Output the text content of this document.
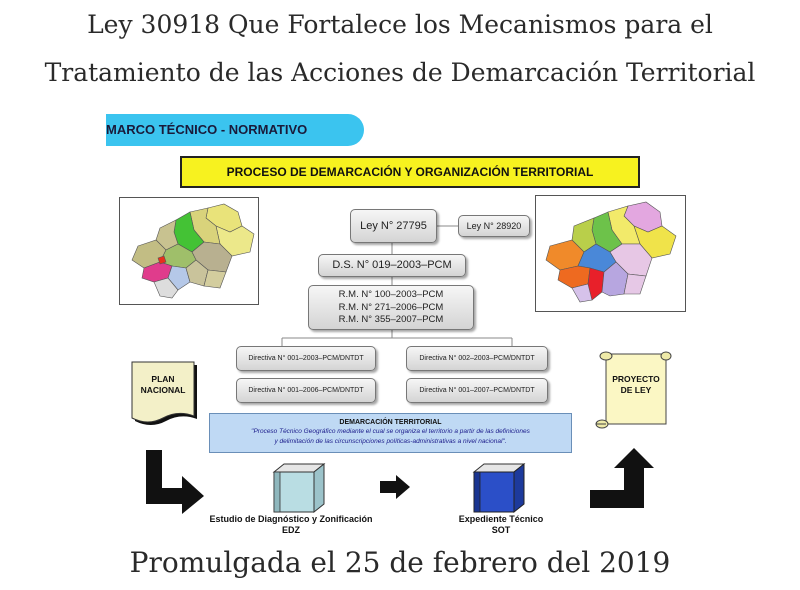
Ley 30918 Que Fortalece los Mecanismos para el
Tratamiento de las Acciones de Demarcación Territorial
MARCO TÉCNICO - NORMATIVO
PROCESO DE DEMARCACIÓN Y ORGANIZACIÓN TERRITORIAL
Ley N° 27795	Ley N° 28920
D.S. N° 019–2003–PCM
R.M. N° 100–2003–PCM
R.M. N° 271–2006–PCM
R.M. N° 355–2007–PCM
Directiva N° 001–2003–PCM/DNTDT	Directiva N° 002–2003–PCM/DNTDT
Directiva N° 001–2006–PCM/DNTDT	Directiva N° 001–2007–PCM/DNTDT
PLAN NACIONAL
PROYECTO DE LEY
DEMARCACIÓN TERRITORIAL
"Proceso Técnico Geográfico mediante el cual se organiza el territorio a partir de las definiciones
y delimitación de las circunscripciones políticas-administrativas a nivel nacional".
Estudio de Diagnóstico y Zonificación
EDZ
Expediente Técnico
SOT
Promulgada el 25 de febrero del 2019
